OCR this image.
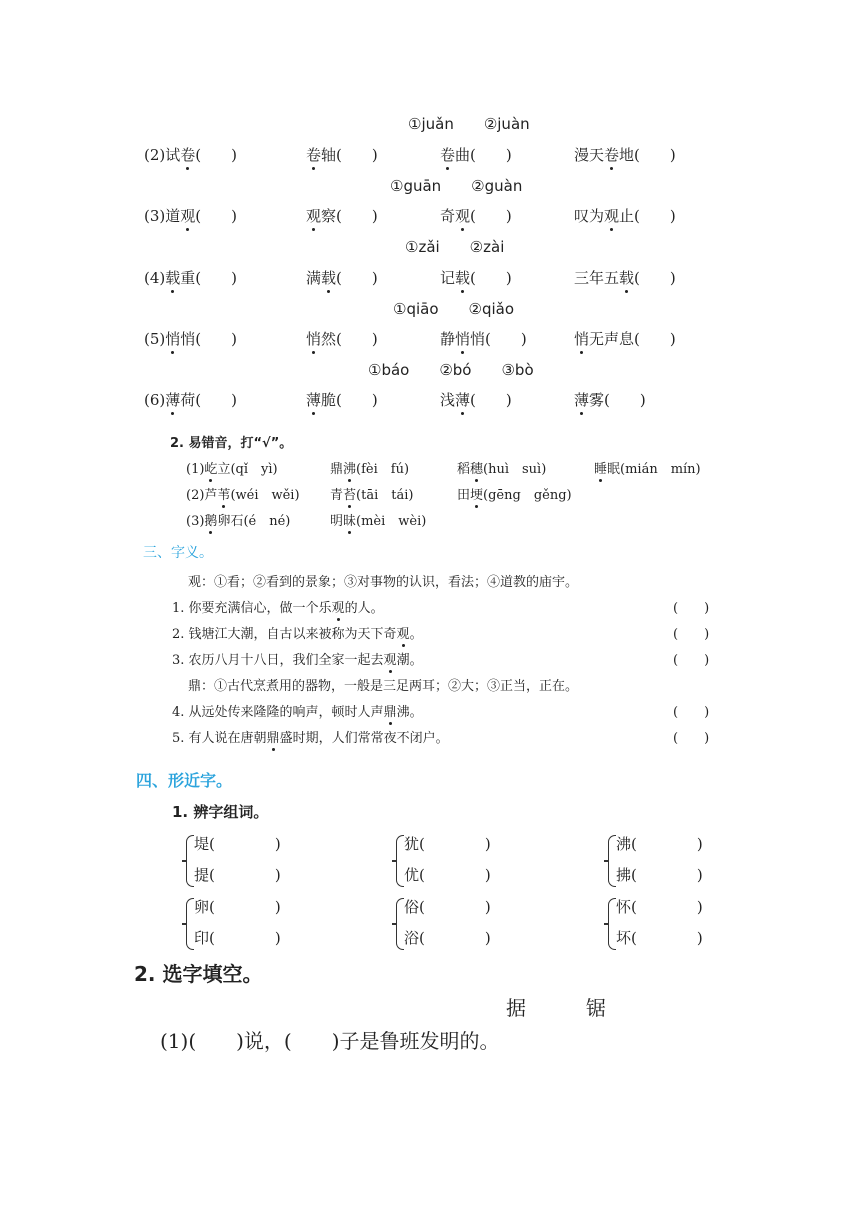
①juǎn　　②juàn
①guān　　②guàn
①zǎi　　②zài
①qiāo　　②qiǎo
①báo　　②bó　　③bò
(2)试卷(　　)	卷轴(　　)	卷曲(　　)	漫天卷地(　　)
(3)道观(　　)	观察(　　)	奇观(　　)	叹为观止(　　)
(4)载重(　　)	满载(　　)	记载(　　)	三年五载(　　)
(5)悄悄(　　)	悄然(　　)	静悄悄(　　)	悄无声息(　　)
(6)薄荷(　　)	薄脆(　　)	浅薄(　　)	薄雾(　　)
2. 易错音，打“√”。
(1)屹立(qǐ　yì)	鼎沸(fèi　fú)	稻穗(huì　suì)	睡眠(mián　mín)
(2)芦苇(wéi　wěi) 青苔(tāi　tái)	田埂(gēng　gěng)
(3)鹅卵石(é　né)	明昧(mèi　wèi)
三、字义。
观：①看；②看到的景象；③对事物的认识，看法；④道教的庙宇。
1. 你要充满信心，做一个乐观的人。	(　　)
2. 钱塘江大潮，自古以来被称为天下奇观。	(　　)
3. 农历八月十八日，我们全家一起去观潮。	(　　)
鼎：①古代烹煮用的器物，一般是三足两耳；②大；③正当，正在。
4. 从远处传来隆隆的响声，顿时人声鼎沸。	(　　)
5. 有人说在唐朝鼎盛时期，人们常常夜不闭户。	(　　)
四、形近字。
1. 辨字组词。
堤(　　　　)
提(　　　　)
犹(　　　　)
优(　　　　)
沸(　　　　)
拂(　　　　)
卵(　　　　)
印(　　　　)
俗(　　　　)
浴(　　　　)
怀(　　　　)
坏(　　　　)
2. 选字填空。
据　　　锯
(1)(　　)说，(　　)子是鲁班发明的。
